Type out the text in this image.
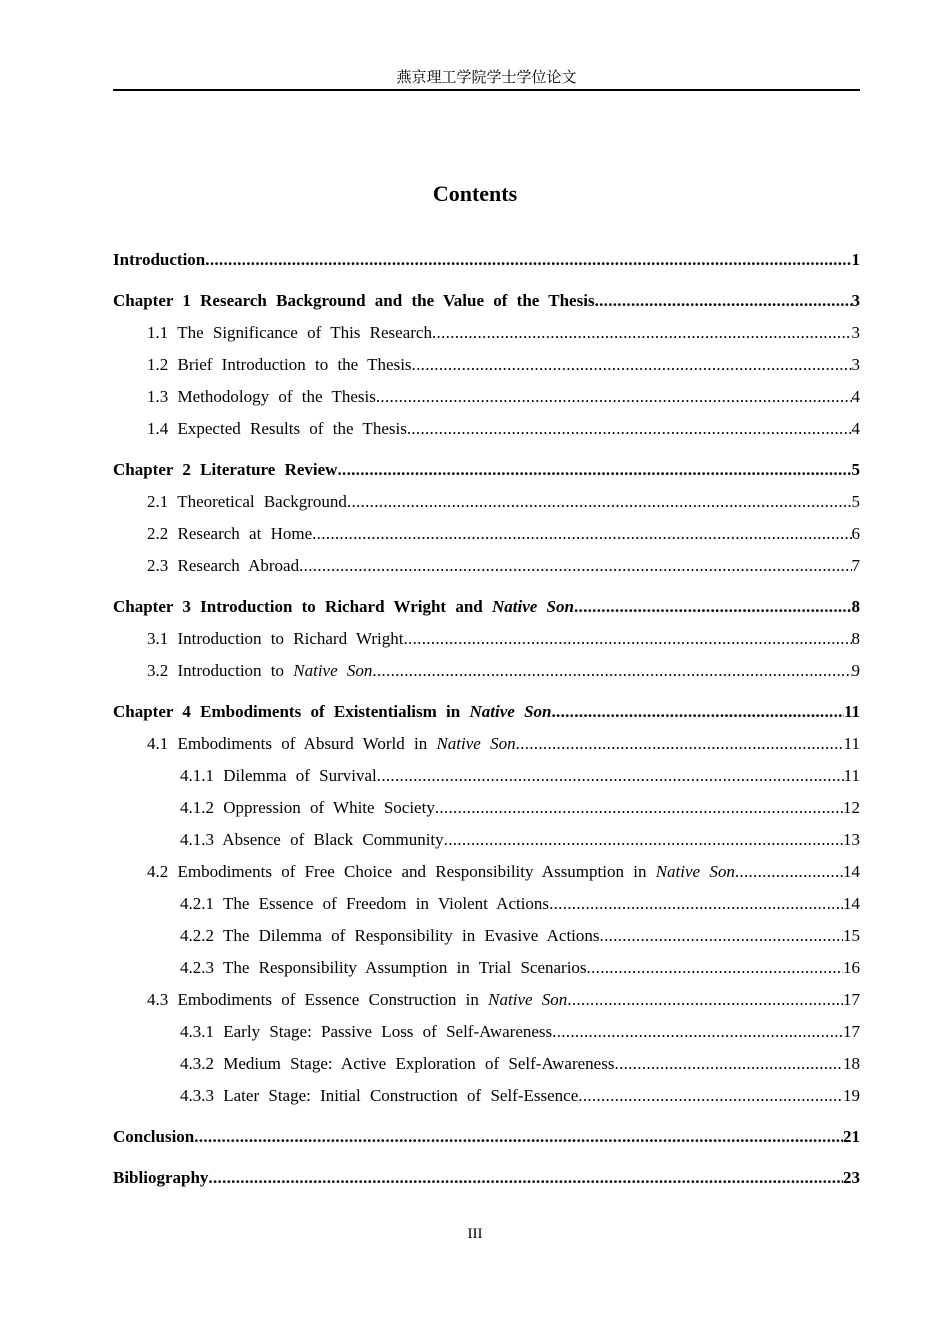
燕京理工学院学士学位论文
Contents
Introduction .....	1
Chapter 1 Research Background and the Value of the Thesis .....	3
1.1 The Significance of This Research .....	3
1.2 Brief Introduction to the Thesis .....	3
1.3 Methodology of the Thesis .....	4
1.4 Expected Results of the Thesis .....	4
Chapter 2 Literature Review .....	5
2.1 Theoretical Background .....	5
2.2 Research at Home .....	6
2.3 Research Abroad .....	7
Chapter 3 Introduction to Richard Wright and Native Son .....	8
3.1 Introduction to Richard Wright .....	8
3.2 Introduction to Native Son .....	9
Chapter 4 Embodiments of Existentialism in Native Son .....	11
4.1 Embodiments of Absurd World in Native Son .....	11
4.1.1 Dilemma of Survival .....	11
4.1.2 Oppression of White Society .....	12
4.1.3 Absence of Black Community .....	13
4.2 Embodiments of Free Choice and Responsibility Assumption in Native Son .....	14
4.2.1 The Essence of Freedom in Violent Actions .....	14
4.2.2 The Dilemma of Responsibility in Evasive Actions .....	15
4.2.3 The Responsibility Assumption in Trial Scenarios .....	16
4.3 Embodiments of Essence Construction in Native Son .....	17
4.3.1 Early Stage: Passive Loss of Self-Awareness .....	17
4.3.2 Medium Stage: Active Exploration of Self-Awareness .....	18
4.3.3 Later Stage: Initial Construction of Self-Essence .....	19
Conclusion .....	21
Bibliography .....	23
III
